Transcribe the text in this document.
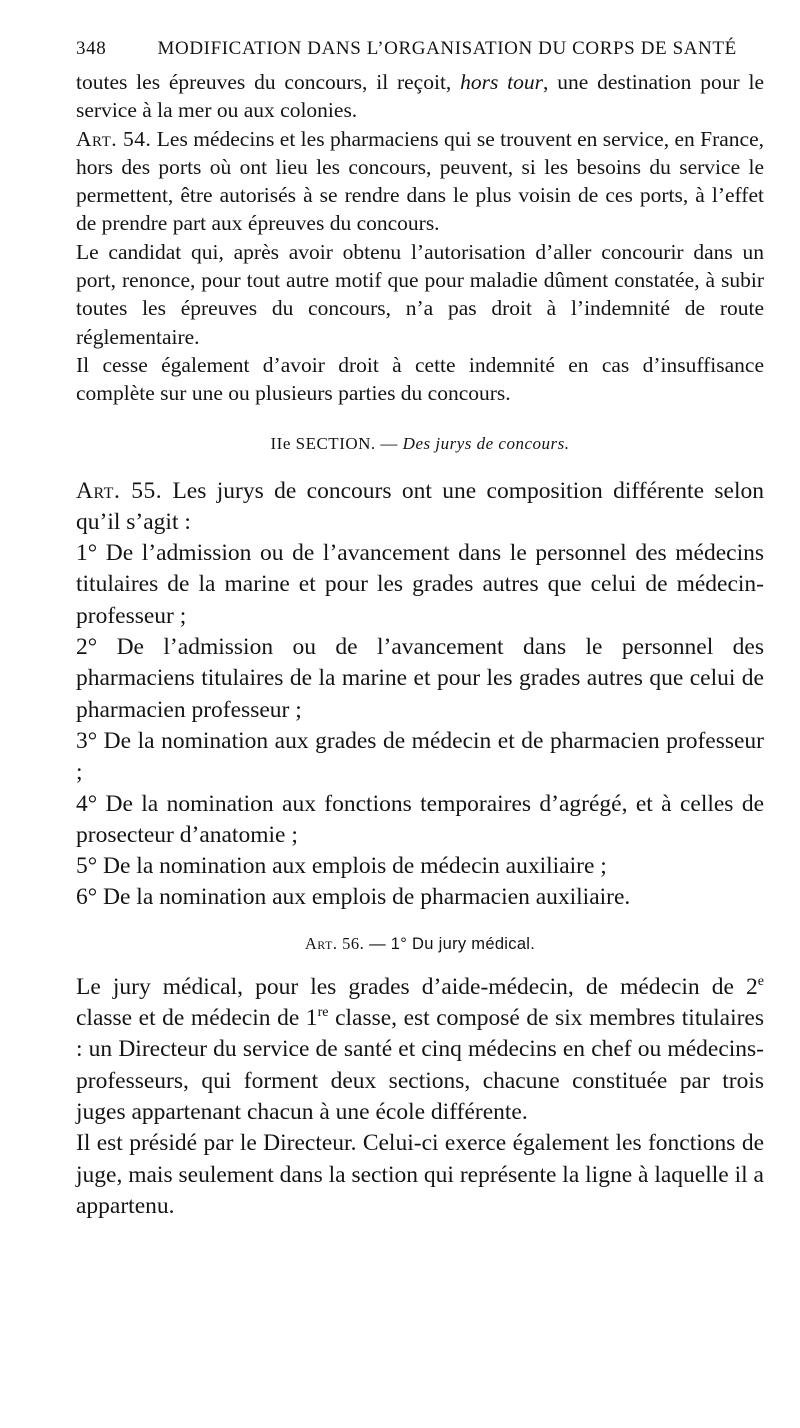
348	MODIFICATION DANS L’ORGANISATION DU CORPS DE SANTÉ

toutes les épreuves du concours, il reçoit, hors tour, une destination pour le service à la mer ou aux colonies.

Art. 54. Les médecins et les pharmaciens qui se trouvent en service, en France, hors des ports où ont lieu les concours, peuvent, si les besoins du service le permettent, être autorisés à se rendre dans le plus voisin de ces ports, à l’effet de prendre part aux épreuves du concours.

Le candidat qui, après avoir obtenu l’autorisation d’aller concourir dans un port, renonce, pour tout autre motif que pour maladie dûment constatée, à subir toutes les épreuves du concours, n’a pas droit à l’indemnité de route réglementaire.

Il cesse également d’avoir droit à cette indemnité en cas d’insuffisance complète sur une ou plusieurs parties du concours.

IIe SECTION. — Des jurys de concours.

Art. 55. Les jurys de concours ont une composition différente selon qu’il s’agit :

1° De l’admission ou de l’avancement dans le personnel des médecins titulaires de la marine et pour les grades autres que celui de médecin-professeur ;

2° De l’admission ou de l’avancement dans le personnel des pharmaciens titulaires de la marine et pour les grades autres que celui de pharmacien professeur ;

3° De la nomination aux grades de médecin et de pharmacien professeur ;

4° De la nomination aux fonctions temporaires d’agrégé, et à celles de prosecteur d’anatomie ;

5° De la nomination aux emplois de médecin auxiliaire ;

6° De la nomination aux emplois de pharmacien auxiliaire.

Art. 56. — 1° Du jury médical.

Le jury médical, pour les grades d’aide-médecin, de médecin de 2e classe et de médecin de 1re classe, est composé de six membres titulaires : un Directeur du service de santé et cinq médecins en chef ou médecins-professeurs, qui forment deux sections, chacune constituée par trois juges appartenant chacun à une école différente.

Il est présidé par le Directeur. Celui-ci exerce également les fonctions de juge, mais seulement dans la section qui représente la ligne à laquelle il a appartenu.
